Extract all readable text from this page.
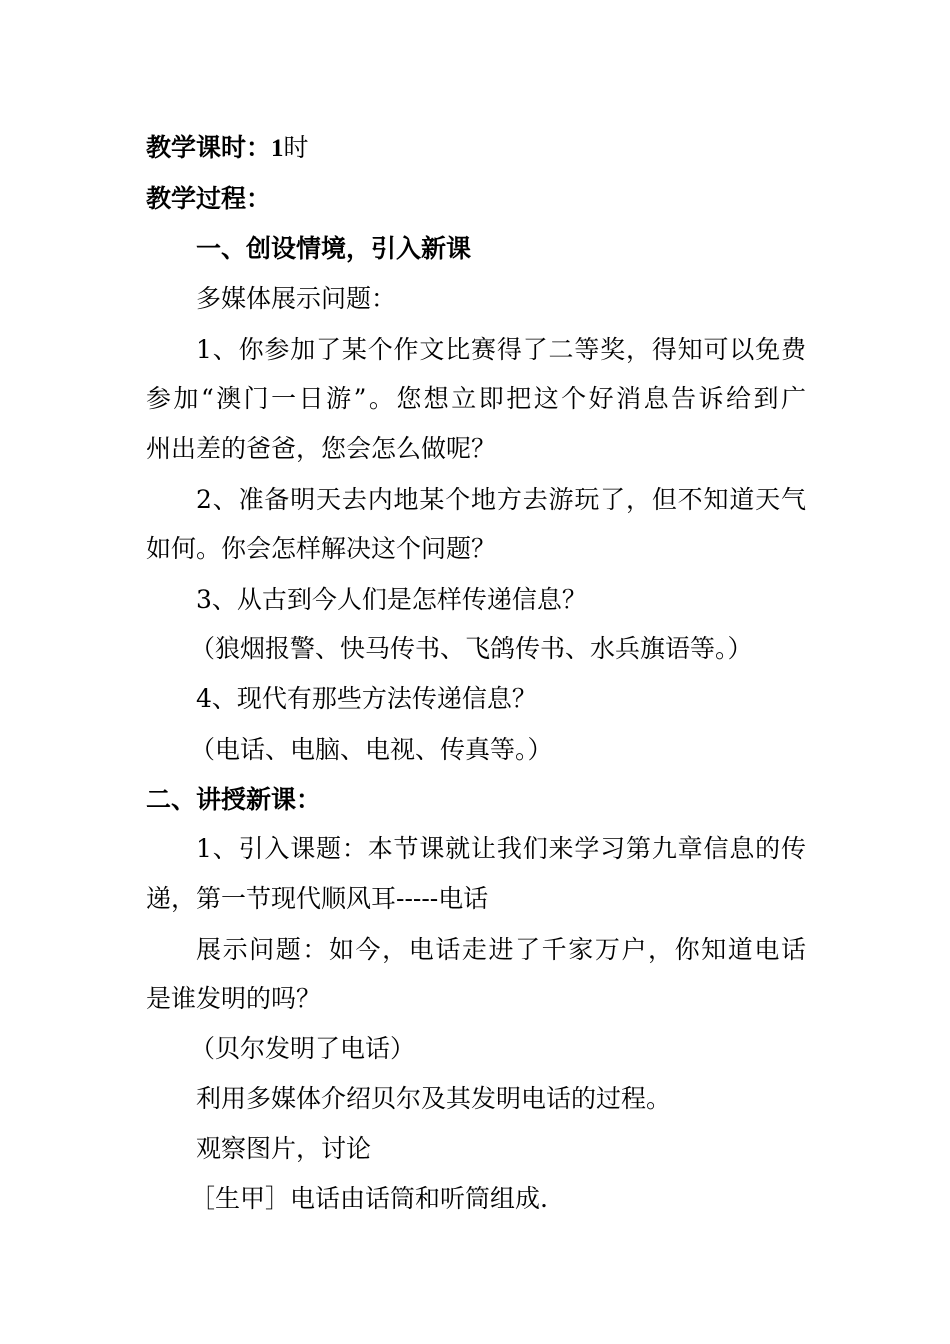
教学课时：1时
教学过程：
一、创设情境，引入新课
多媒体展示问题：
1、你参加了某个作文比赛得了二等奖，得知可以免费
参加“澳门一日游”。您想立即把这个好消息告诉给到广
州出差的爸爸，您会怎么做呢？
2、准备明天去内地某个地方去游玩了，但不知道天气
如何。你会怎样解决这个问题？
3、从古到今人们是怎样传递信息？
（狼烟报警、快马传书、飞鸽传书、水兵旗语等。）
4、现代有那些方法传递信息？
（电话、电脑、电视、传真等。）
二、讲授新课：
1、引入课题：本节课就让我们来学习第九章信息的传
递，第一节现代顺风耳-----电话
展示问题：如今，电话走进了千家万户，你知道电话
是谁发明的吗？
（贝尔发明了电话）
利用多媒体介绍贝尔及其发明电话的过程。
观察图片，讨论
［生甲］电话由话筒和听筒组成.
